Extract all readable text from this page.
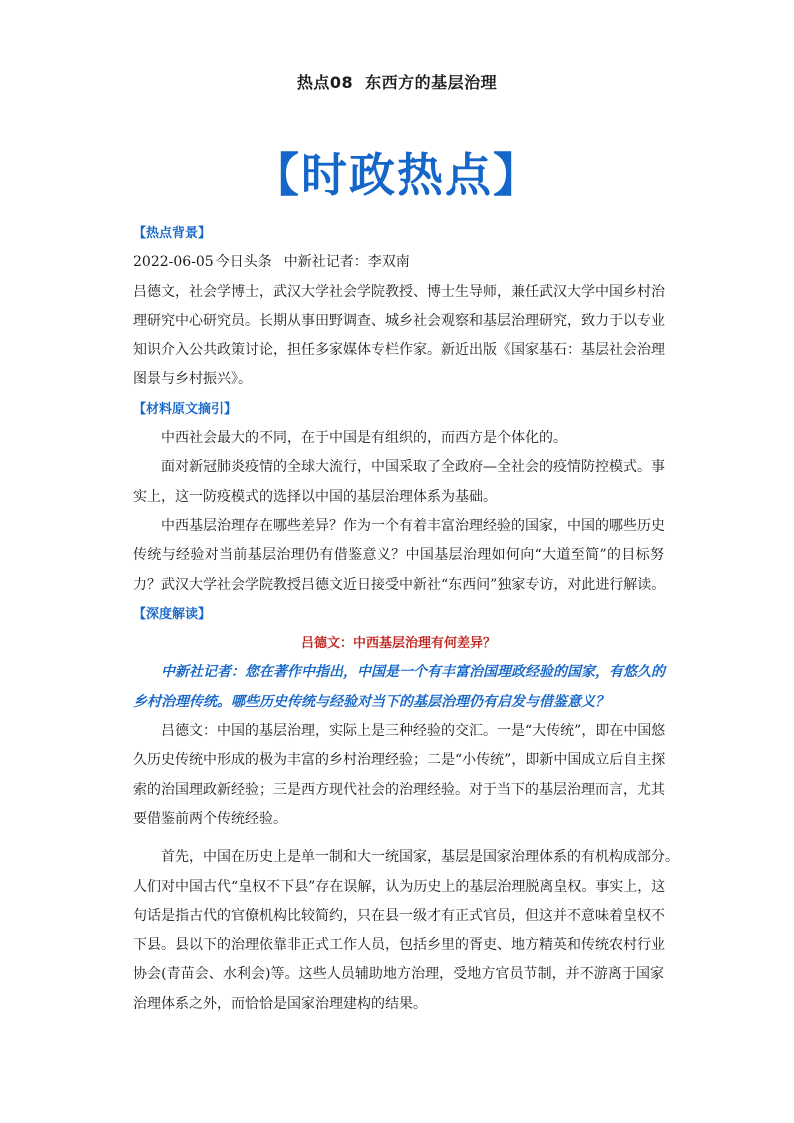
热点08 东西方的基层治理
【时政热点】
【热点背景】
2022-06-05 今日头条 中新社记者：李双南
吕德文，社会学博士，武汉大学社会学院教授、博士生导师，兼任武汉大学中国乡村治
理研究中心研究员。长期从事田野调查、城乡社会观察和基层治理研究，致力于以专业
知识介入公共政策讨论，担任多家媒体专栏作家。新近出版《国家基石：基层社会治理
图景与乡村振兴》。
【材料原文摘引】
中西社会最大的不同，在于中国是有组织的，而西方是个体化的。
面对新冠肺炎疫情的全球大流行，中国采取了全政府—全社会的疫情防控模式。事
实上，这一防疫模式的选择以中国的基层治理体系为基础。
中西基层治理存在哪些差异？作为一个有着丰富治理经验的国家，中国的哪些历史
传统与经验对当前基层治理仍有借鉴意义？中国基层治理如何向“大道至简”的目标努
力？武汉大学社会学院教授吕德文近日接受中新社“东西问”独家专访，对此进行解读。
【深度解读】
吕德文：中西基层治理有何差异？
中新社记者：您在著作中指出，中国是一个有丰富治国理政经验的国家，有悠久的
乡村治理传统。哪些历史传统与经验对当下的基层治理仍有启发与借鉴意义？
吕德文：中国的基层治理，实际上是三种经验的交汇。一是“大传统”，即在中国悠
久历史传统中形成的极为丰富的乡村治理经验；二是“小传统”，即新中国成立后自主探
索的治国理政新经验；三是西方现代社会的治理经验。对于当下的基层治理而言，尤其
要借鉴前两个传统经验。
首先，中国在历史上是单一制和大一统国家，基层是国家治理体系的有机构成部分。
人们对中国古代“皇权不下县”存在误解，认为历史上的基层治理脱离皇权。事实上，这
句话是指古代的官僚机构比较简约，只在县一级才有正式官员，但这并不意味着皇权不
下县。县以下的治理依靠非正式工作人员，包括乡里的胥吏、地方精英和传统农村行业
协会(青苗会、水利会)等。这些人员辅助地方治理，受地方官员节制，并不游离于国家
治理体系之外，而恰恰是国家治理建构的结果。
